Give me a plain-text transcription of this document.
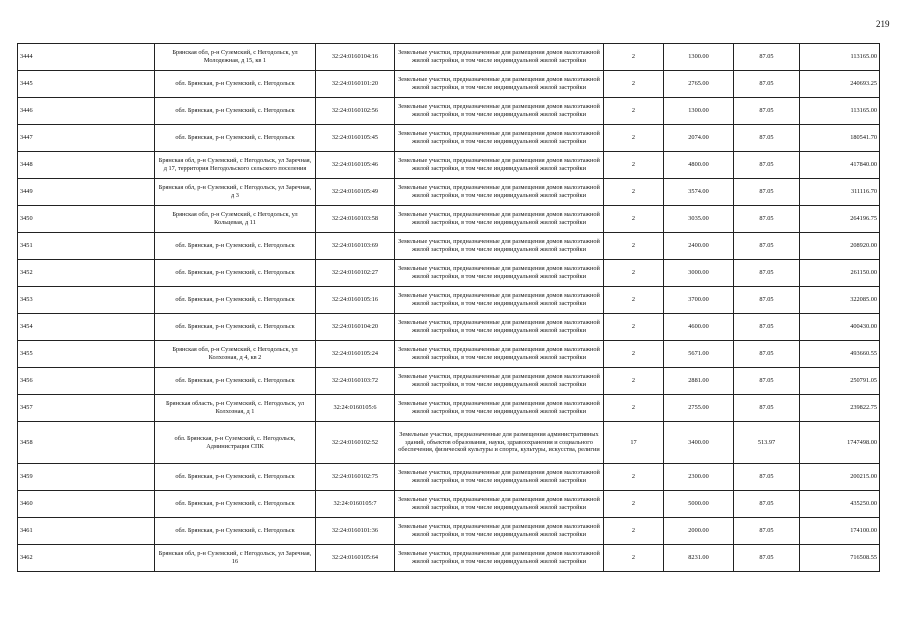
219
3444	Брянская обл, р-н Суземский, с Негодольск, ул Молодежная, д 15, кв 1	32:24:0160104:16	Земельные участки, предназначенные для размещения домов малоэтажной жилой застройки, в том числе индивидуальной жилой застройки	2	1300.00	87.05	113165.00
3445	обл. Брянская, р-н Суземский, с. Негодольск	32:24:0160101:20	Земельные участки, предназначенные для размещения домов малоэтажной жилой застройки, в том числе индивидуальной жилой застройки	2	2765.00	87.05	240693.25
3446	обл. Брянская, р-н Суземский, с. Негодольск	32:24:0160102:56	Земельные участки, предназначенные для размещения домов малоэтажной жилой застройки, в том числе индивидуальной жилой застройки	2	1300.00	87.05	113165.00
3447	обл. Брянская, р-н Суземский, с. Негодольск	32:24:0160105:45	Земельные участки, предназначенные для размещения домов малоэтажной жилой застройки, в том числе индивидуальной жилой застройки	2	2074.00	87.05	180541.70
3448	Брянская обл, р-н Суземский, с Негодольск, ул Заречная, д 17, территория Негодольского сельского поселения	32:24:0160105:46	Земельные участки, предназначенные для размещения домов малоэтажной жилой застройки, в том числе индивидуальной жилой застройки	2	4800.00	87.05	417840.00
3449	Брянская обл, р-н Суземский, с Негодольск, ул Заречная, д 3	32:24:0160105:49	Земельные участки, предназначенные для размещения домов малоэтажной жилой застройки, в том числе индивидуальной жилой застройки	2	3574.00	87.05	311116.70
3450	Брянская обл, р-н Суземский, с Негодольск, ул Кольцевая, д 11	32:24:0160103:58	Земельные участки, предназначенные для размещения домов малоэтажной жилой застройки, в том числе индивидуальной жилой застройки	2	3035.00	87.05	264196.75
3451	обл. Брянская, р-н Суземский, с. Негодольск	32:24:0160103:69	Земельные участки, предназначенные для размещения домов малоэтажной жилой застройки, в том числе индивидуальной жилой застройки	2	2400.00	87.05	208920.00
3452	обл. Брянская, р-н Суземский, с. Негодольск	32:24:0160102:27	Земельные участки, предназначенные для размещения домов малоэтажной жилой застройки, в том числе индивидуальной жилой застройки	2	3000.00	87.05	261150.00
3453	обл. Брянская, р-н Суземский, с. Негодольск	32:24:0160105:16	Земельные участки, предназначенные для размещения домов малоэтажной жилой застройки, в том числе индивидуальной жилой застройки	2	3700.00	87.05	322085.00
3454	обл. Брянская, р-н Суземский, с. Негодольск	32:24:0160104:20	Земельные участки, предназначенные для размещения домов малоэтажной жилой застройки, в том числе индивидуальной жилой застройки	2	4600.00	87.05	400430.00
3455	Брянская обл, р-н Суземский, с Негодольск, ул Колхозная, д 4, кв 2	32:24:0160105:24	Земельные участки, предназначенные для размещения домов малоэтажной жилой застройки, в том числе индивидуальной жилой застройки	2	5671.00	87.05	493660.55
3456	обл. Брянская, р-н Суземский, с. Негодольск	32:24:0160103:72	Земельные участки, предназначенные для размещения домов малоэтажной жилой застройки, в том числе индивидуальной жилой застройки	2	2881.00	87.05	250791.05
3457	Брянская область, р-н Суземский, с. Негодольск, ул Колхозная, д 1	32:24:0160105:6	Земельные участки, предназначенные для размещения домов малоэтажной жилой застройки, в том числе индивидуальной жилой застройки	2	2755.00	87.05	239822.75
3458	обл. Брянская, р-н Суземский, с. Негодольск, Администрация СПК	32:24:0160102:52	Земельные участки, предназначенные для размещения административных зданий, объектов образования, науки, здравоохранения и социального обеспечения, физической культуры и спорта, культуры, искусства, религии	17	3400.00	513.97	1747498.00
3459	обл. Брянская, р-н Суземский, с. Негодольск	32:24:0160102:75	Земельные участки, предназначенные для размещения домов малоэтажной жилой застройки, в том числе индивидуальной жилой застройки	2	2300.00	87.05	200215.00
3460	обл. Брянская, р-н Суземский, с. Негодольск	32:24:0160105:7	Земельные участки, предназначенные для размещения домов малоэтажной жилой застройки, в том числе индивидуальной жилой застройки	2	5000.00	87.05	435250.00
3461	обл. Брянская, р-н Суземский, с. Негодольск	32:24:0160101:36	Земельные участки, предназначенные для размещения домов малоэтажной жилой застройки, в том числе индивидуальной жилой застройки	2	2000.00	87.05	174100.00
3462	Брянская обл, р-н Суземский, с Негодольск, ул Заречная, 16	32:24:0160105:64	Земельные участки, предназначенные для размещения домов малоэтажной жилой застройки, в том числе индивидуальной жилой застройки	2	8231.00	87.05	716508.55
